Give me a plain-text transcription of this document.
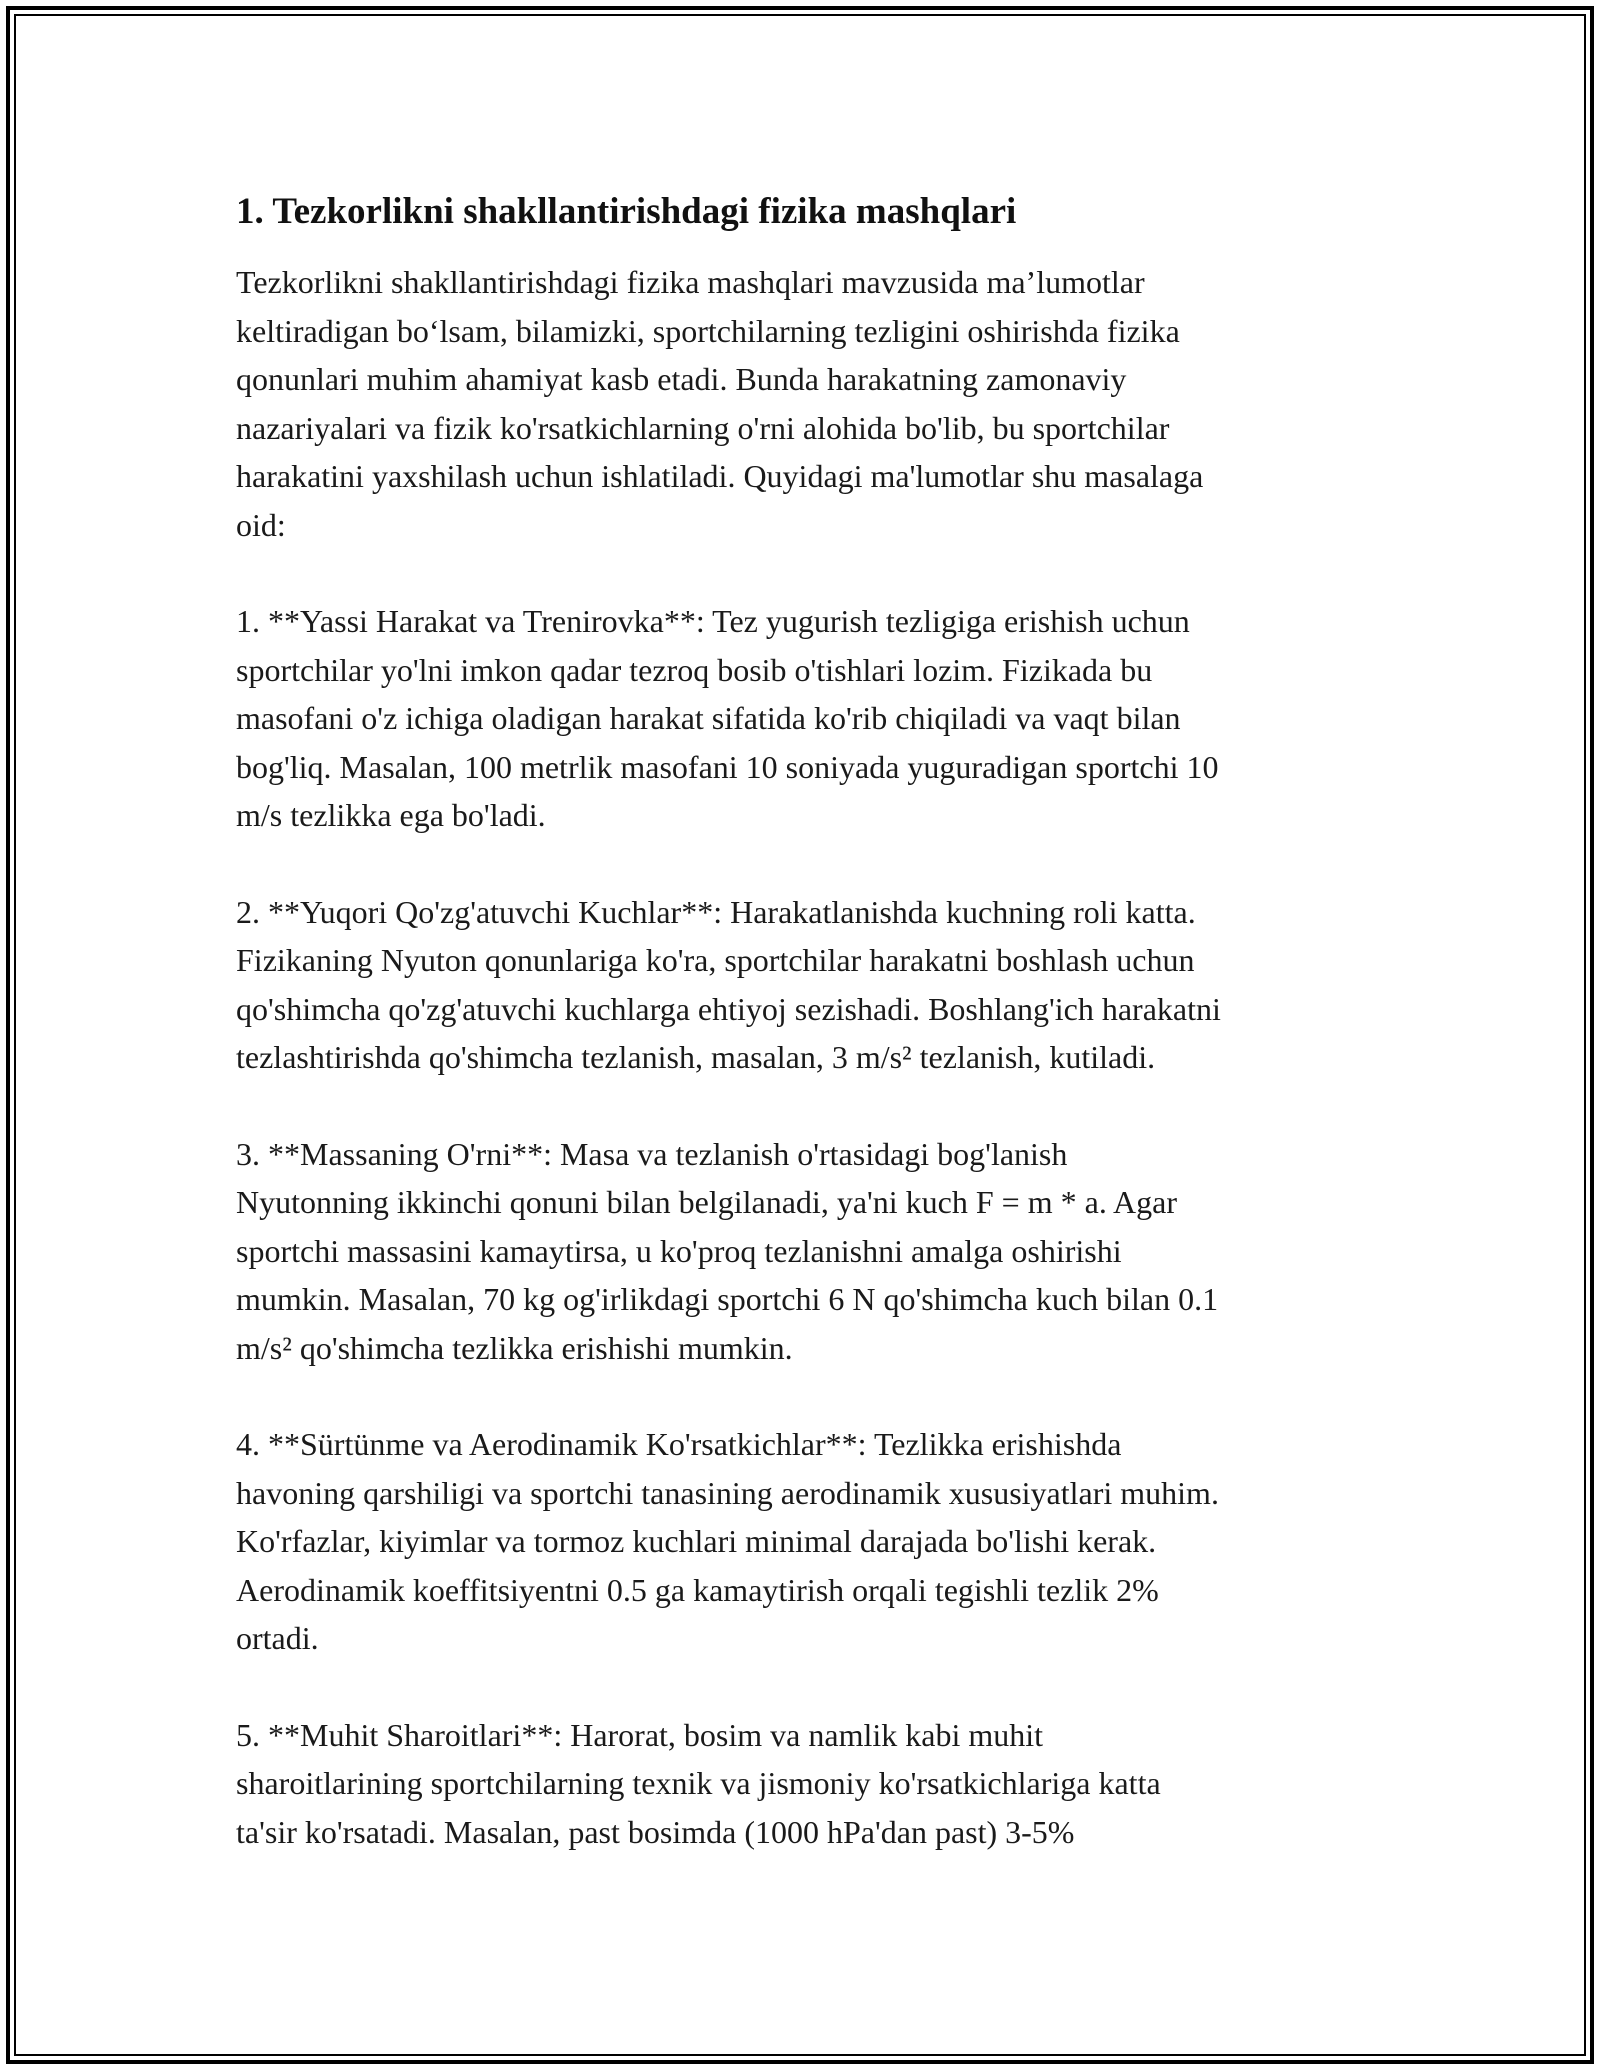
1. Tezkorlikni shakllantirishdagi fizika mashqlari

Tezkorlikni shakllantirishdagi fizika mashqlari mavzusida ma’lumotlar
keltiradigan bo‘lsam, bilamizki, sportchilarning tezligini oshirishda fizika
qonunlari muhim ahamiyat kasb etadi. Bunda harakatning zamonaviy
nazariyalari va fizik ko'rsatkichlarning o'rni alohida bo'lib, bu sportchilar
harakatini yaxshilash uchun ishlatiladi. Quyidagi ma'lumotlar shu masalaga
oid:

1. **Yassi Harakat va Trenirovka**: Tez yugurish tezligiga erishish uchun
sportchilar yo'lni imkon qadar tezroq bosib o'tishlari lozim. Fizikada bu
masofani o'z ichiga oladigan harakat sifatida ko'rib chiqiladi va vaqt bilan
bog'liq. Masalan, 100 metrlik masofani 10 soniyada yuguradigan sportchi 10
m/s tezlikka ega bo'ladi.

2. **Yuqori Qo'zg'atuvchi Kuchlar**: Harakatlanishda kuchning roli katta.
Fizikaning Nyuton qonunlariga ko'ra, sportchilar harakatni boshlash uchun
qo'shimcha qo'zg'atuvchi kuchlarga ehtiyoj sezishadi. Boshlang'ich harakatni
tezlashtirishda qo'shimcha tezlanish, masalan, 3 m/s² tezlanish, kutiladi.

3. **Massaning O'rni**: Masa va tezlanish o'rtasidagi bog'lanish
Nyutonning ikkinchi qonuni bilan belgilanadi, ya'ni kuch F = m * a. Agar
sportchi massasini kamaytirsa, u ko'proq tezlanishni amalga oshirishi
mumkin. Masalan, 70 kg og'irlikdagi sportchi 6 N qo'shimcha kuch bilan 0.1
m/s² qo'shimcha tezlikka erishishi mumkin.

4. **Sürtünme va Aerodinamik Ko'rsatkichlar**: Tezlikka erishishda
havoning qarshiligi va sportchi tanasining aerodinamik xususiyatlari muhim.
Ko'rfazlar, kiyimlar va tormoz kuchlari minimal darajada bo'lishi kerak.
Aerodinamik koeffitsiyentni 0.5 ga kamaytirish orqali tegishli tezlik 2%
ortadi.

5. **Muhit Sharoitlari**: Harorat, bosim va namlik kabi muhit
sharoitlarining sportchilarning texnik va jismoniy ko'rsatkichlariga katta
ta'sir ko'rsatadi. Masalan, past bosimda (1000 hPa'dan past) 3-5%
